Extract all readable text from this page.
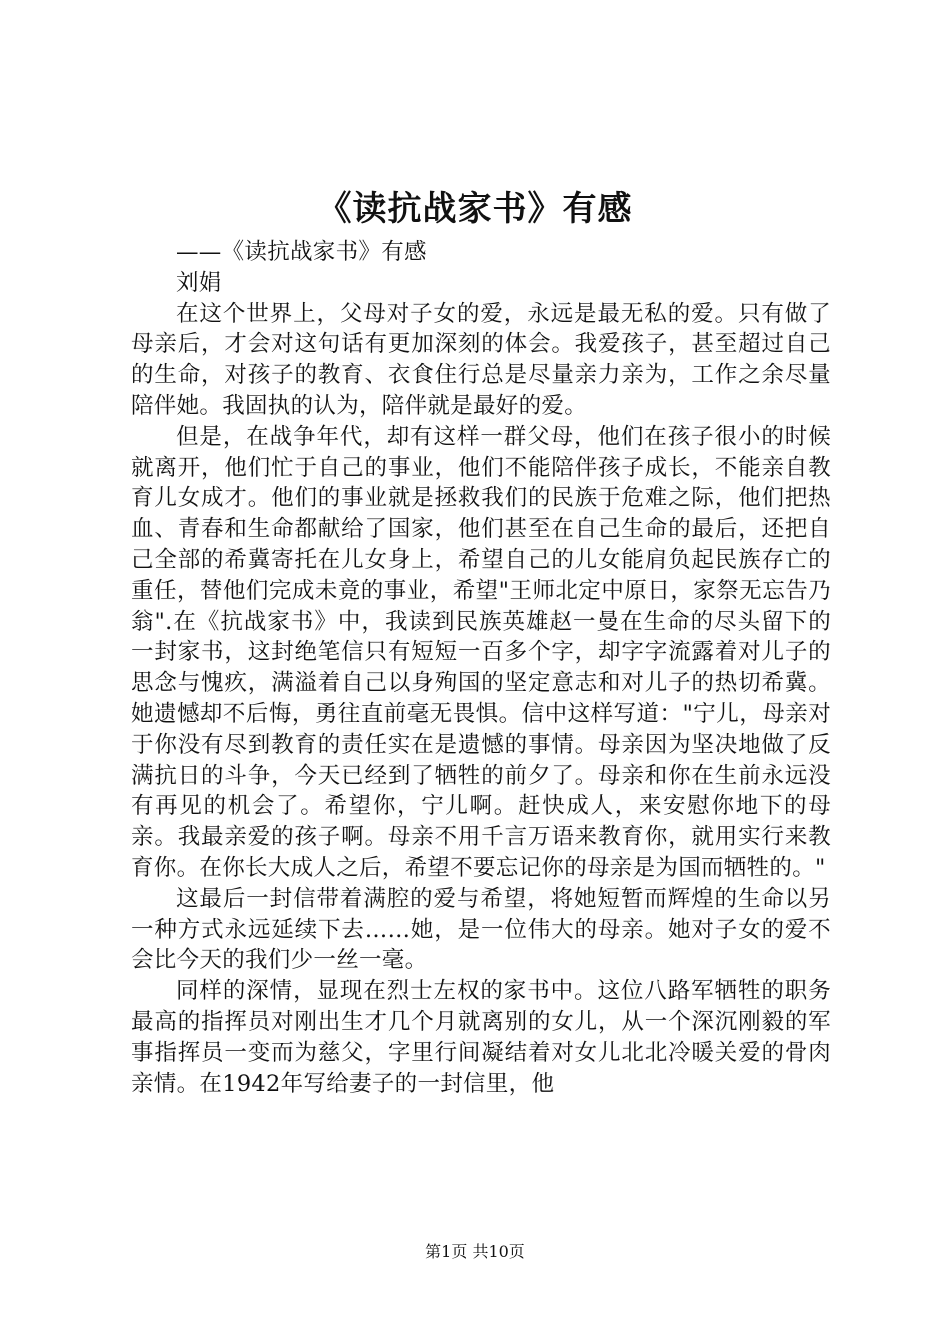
《读抗战家书》有感

——《读抗战家书》有感

刘娟

在这个世界上，父母对子女的爱，永远是最无私的爱。只有做了母亲后，才会对这句话有更加深刻的体会。我爱孩子，甚至超过自己的生命，对孩子的教育、衣食住行总是尽量亲力亲为，工作之余尽量陪伴她。我固执的认为，陪伴就是最好的爱。

但是，在战争年代，却有这样一群父母，他们在孩子很小的时候就离开，他们忙于自己的事业，他们不能陪伴孩子成长，不能亲自教育儿女成才。他们的事业就是拯救我们的民族于危难之际，他们把热血、青春和生命都献给了国家，他们甚至在自己生命的最后，还把自己全部的希冀寄托在儿女身上，希望自己的儿女能肩负起民族存亡的重任，替他们完成未竟的事业，希望"王师北定中原日，家祭无忘告乃翁".在《抗战家书》中，我读到民族英雄赵一曼在生命的尽头留下的一封家书，这封绝笔信只有短短一百多个字，却字字流露着对儿子的思念与愧疚，满溢着自己以身殉国的坚定意志和对儿子的热切希冀。她遗憾却不后悔，勇往直前毫无畏惧。信中这样写道："宁儿，母亲对于你没有尽到教育的责任实在是遗憾的事情。母亲因为坚决地做了反满抗日的斗争，今天已经到了牺牲的前夕了。母亲和你在生前永远没有再见的机会了。希望你，宁儿啊。赶快成人，来安慰你地下的母亲。我最亲爱的孩子啊。母亲不用千言万语来教育你，就用实行来教育你。在你长大成人之后，希望不要忘记你的母亲是为国而牺牲的。"

这最后一封信带着满腔的爱与希望，将她短暂而辉煌的生命以另一种方式永远延续下去……她，是一位伟大的母亲。她对子女的爱不会比今天的我们少一丝一毫。

同样的深情，显现在烈士左权的家书中。这位八路军牺牲的职务最高的指挥员对刚出生才几个月就离别的女儿，从一个深沉刚毅的军事指挥员一变而为慈父，字里行间凝结着对女儿北北冷暖关爱的骨肉亲情。在1942年写给妻子的一封信里，他

第1页 共10页
